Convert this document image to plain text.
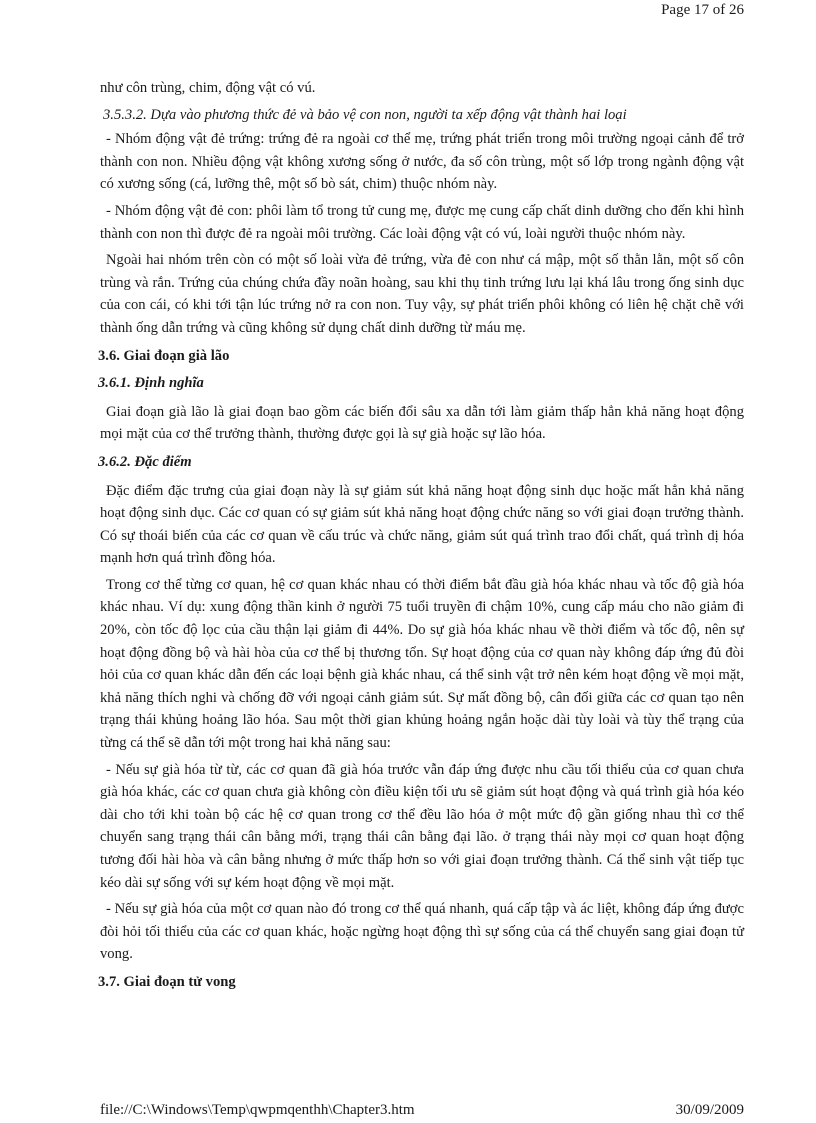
Page 17 of 26

như côn trùng, chim, động vật có vú.

3.5.3.2. Dựa vào phương thức đẻ và bảo vệ con non, người ta xếp động vật thành hai loại

- Nhóm động vật đẻ trứng: trứng đẻ ra ngoài cơ thể mẹ, trứng phát triển trong môi trường ngoại cảnh để trở thành con non. Nhiều động vật không xương sống ở nước, đa số côn trùng, một số lớp trong ngành động vật có xương sống (cá, lưỡng thê, một số bò sát, chim) thuộc nhóm này.

- Nhóm động vật đẻ con: phôi làm tổ trong tử cung mẹ, được mẹ cung cấp chất dinh dưỡng cho đến khi hình thành con non thì được đẻ ra ngoài môi trường. Các loài động vật có vú, loài người thuộc nhóm này.

Ngoài hai nhóm trên còn có một số loài vừa đẻ trứng, vừa đẻ con như cá mập, một số thằn lằn, một số côn trùng và rắn. Trứng của chúng chứa đầy noãn hoàng, sau khi thụ tinh trứng lưu lại khá lâu trong ống sinh dục của con cái, có khi tới tận lúc trứng nở ra con non. Tuy vậy, sự phát triển phôi không có liên hệ chặt chẽ với thành ống dẫn trứng và cũng không sử dụng chất dinh dưỡng từ máu mẹ.

3.6. Giai đoạn già lão
3.6.1. Định nghĩa

Giai đoạn già lão là giai đoạn bao gồm các biến đổi sâu xa dẫn tới làm giảm thấp hẳn khả năng hoạt động mọi mặt của cơ thể trưởng thành, thường được gọi là sự già hoặc sự lão hóa.

3.6.2. Đặc điểm

Đặc điểm đặc trưng của giai đoạn này là sự giảm sút khả năng hoạt động sinh dục hoặc mất hẳn khả năng hoạt động sinh dục. Các cơ quan có sự giảm sút khả năng hoạt động chức năng so với giai đoạn trưởng thành. Có sự thoái biến của các cơ quan về cấu trúc và chức năng, giảm sút quá trình trao đổi chất, quá trình dị hóa mạnh hơn quá trình đồng hóa.

Trong cơ thể từng cơ quan, hệ cơ quan khác nhau có thời điểm bắt đầu già hóa khác nhau và tốc độ già hóa khác nhau. Ví dụ: xung động thần kinh ở người 75 tuổi truyền đi chậm 10%, cung cấp máu cho não giảm đi 20%, còn tốc độ lọc của cầu thận lại giảm đi 44%. Do sự già hóa khác nhau về thời điểm và tốc độ, nên sự hoạt động đồng bộ và hài hòa của cơ thể bị thương tổn. Sự hoạt động của cơ quan này không đáp ứng đủ đòi hỏi của cơ quan khác dẫn đến các loại bệnh già khác nhau, cá thể sinh vật trở nên kém hoạt động về mọi mặt, khả năng thích nghi và chống đỡ với ngoại cảnh giảm sút. Sự mất đồng bộ, cân đối giữa các cơ quan tạo nên trạng thái khủng hoảng lão hóa. Sau một thời gian khủng hoảng ngắn hoặc dài tùy loài và tùy thể trạng của từng cá thể sẽ dẫn tới một trong hai khả năng sau:

- Nếu sự già hóa từ từ, các cơ quan đã già hóa trước vẫn đáp ứng được nhu cầu tối thiểu của cơ quan chưa già hóa khác, các cơ quan chưa già không còn điều kiện tối ưu sẽ giảm sút hoạt động và quá trình già hóa kéo dài cho tới khi toàn bộ các hệ cơ quan trong cơ thể đều lão hóa ở một mức độ gần giống nhau thì cơ thể chuyển sang trạng thái cân bằng mới, trạng thái cân bằng đại lão. ở trạng thái này mọi cơ quan hoạt động tương đối hài hòa và cân bằng nhưng ở mức thấp hơn so với giai đoạn trưởng thành. Cá thể sinh vật tiếp tục kéo dài sự sống với sự kém hoạt động về mọi mặt.

- Nếu sự già hóa của một cơ quan nào đó trong cơ thể quá nhanh, quá cấp tập và ác liệt, không đáp ứng được đòi hỏi tối thiểu của các cơ quan khác, hoặc ngừng hoạt động thì sự sống của cá thể chuyển sang giai đoạn tử vong.

3.7. Giai đoạn tử vong
file://C:\Windows\Temp\qwpmqenthh\Chapter3.htm	30/09/2009
